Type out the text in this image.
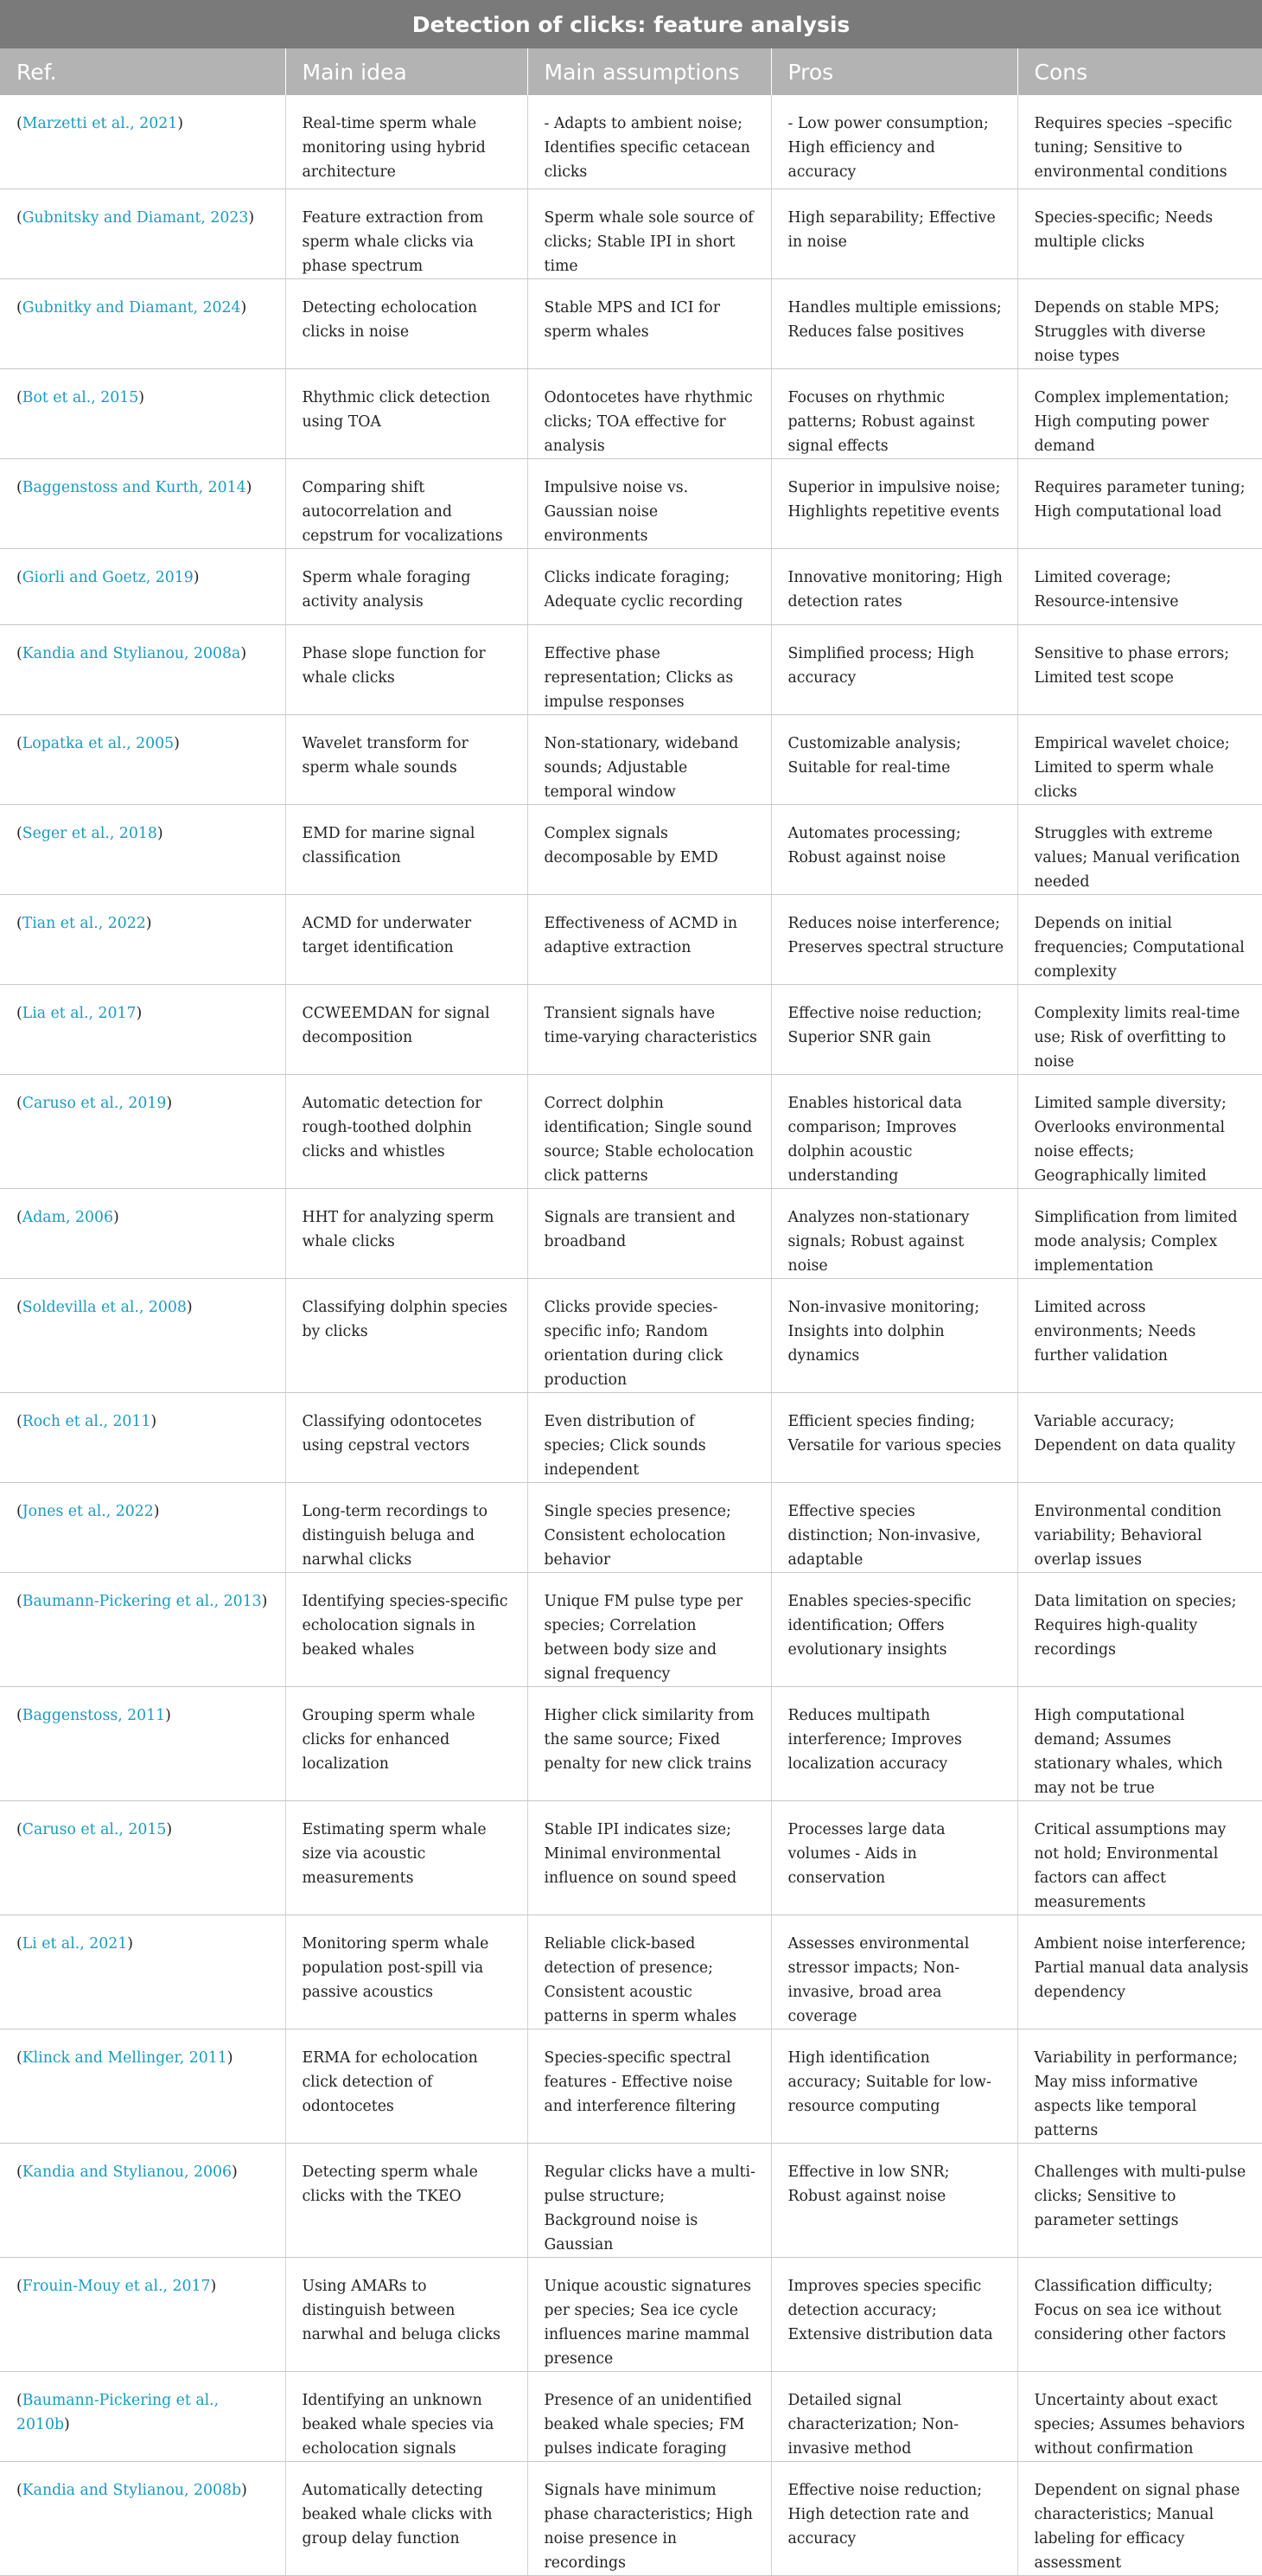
Detection of clicks: feature analysis				
Ref.	Main idea	Main assumptions	Pros	Cons
(Marzetti et al., 2021)	Real-time sperm whale monitoring using hybrid architecture	- Adapts to ambient noise; Identifies specific cetacean clicks	- Low power consumption; High efficiency and accuracy	Requires species –specific tuning; Sensitive to environmental conditions
(Gubnitsky and Diamant, 2023)	Feature extraction from sperm whale clicks via phase spectrum	Sperm whale sole source of clicks; Stable IPI in short time	High separability; Effective in noise	Species-specific; Needs multiple clicks
(Gubnitky and Diamant, 2024)	Detecting echolocation clicks in noise	Stable MPS and ICI for sperm whales	Handles multiple emissions; Reduces false positives	Depends on stable MPS; Struggles with diverse noise types
(Bot et al., 2015)	Rhythmic click detection using TOA	Odontocetes have rhythmic clicks; TOA effective for analysis	Focuses on rhythmic patterns; Robust against signal effects	Complex implementation; High computing power demand
(Baggenstoss and Kurth, 2014)	Comparing shift autocorrelation and cepstrum for vocalizations	Impulsive noise vs. Gaussian noise environments	Superior in impulsive noise; Highlights repetitive events	Requires parameter tuning; High computational load
(Giorli and Goetz, 2019)	Sperm whale foraging activity analysis	Clicks indicate foraging; Adequate cyclic recording	Innovative monitoring; High detection rates	Limited coverage; Resource-intensive
(Kandia and Stylianou, 2008a)	Phase slope function for whale clicks	Effective phase representation; Clicks as impulse responses	Simplified process; High accuracy	Sensitive to phase errors; Limited test scope
(Lopatka et al., 2005)	Wavelet transform for sperm whale sounds	Non-stationary, wideband sounds; Adjustable temporal window	Customizable analysis; Suitable for real-time	Empirical wavelet choice; Limited to sperm whale clicks
(Seger et al., 2018)	EMD for marine signal classification	Complex signals decomposable by EMD	Automates processing; Robust against noise	Struggles with extreme values; Manual verification needed
(Tian et al., 2022)	ACMD for underwater target identification	Effectiveness of ACMD in adaptive extraction	Reduces noise interference; Preserves spectral structure	Depends on initial frequencies; Computational complexity
(Lia et al., 2017)	CCWEEMDAN for signal decomposition	Transient signals have time-varying characteristics	Effective noise reduction; Superior SNR gain	Complexity limits real-time use; Risk of overfitting to noise
(Caruso et al., 2019)	Automatic detection for rough-toothed dolphin clicks and whistles	Correct dolphin identification; Single sound source; Stable echolocation click patterns	Enables historical data comparison; Improves dolphin acoustic understanding	Limited sample diversity; Overlooks environmental noise effects; Geographically limited
(Adam, 2006)	HHT for analyzing sperm whale clicks	Signals are transient and broadband	Analyzes non-stationary signals; Robust against noise	Simplification from limited mode analysis; Complex implementation
(Soldevilla et al., 2008)	Classifying dolphin species by clicks	Clicks provide species-specific info; Random orientation during click production	Non-invasive monitoring; Insights into dolphin dynamics	Limited across environments; Needs further validation
(Roch et al., 2011)	Classifying odontocetes using cepstral vectors	Even distribution of species; Click sounds independent	Efficient species finding; Versatile for various species	Variable accuracy; Dependent on data quality
(Jones et al., 2022)	Long-term recordings to distinguish beluga and narwhal clicks	Single species presence; Consistent echolocation behavior	Effective species distinction; Non-invasive, adaptable	Environmental condition variability; Behavioral overlap issues
(Baumann-Pickering et al., 2013)	Identifying species-specific echolocation signals in beaked whales	Unique FM pulse type per species; Correlation between body size and signal frequency	Enables species-specific identification; Offers evolutionary insights	Data limitation on species; Requires high-quality recordings
(Baggenstoss, 2011)	Grouping sperm whale clicks for enhanced localization	Higher click similarity from the same source; Fixed penalty for new click trains	Reduces multipath interference; Improves localization accuracy	High computational demand; Assumes stationary whales, which may not be true
(Caruso et al., 2015)	Estimating sperm whale size via acoustic measurements	Stable IPI indicates size; Minimal environmental influence on sound speed	Processes large data volumes - Aids in conservation	Critical assumptions may not hold; Environmental factors can affect measurements
(Li et al., 2021)	Monitoring sperm whale population post-spill via passive acoustics	Reliable click-based detection of presence; Consistent acoustic patterns in sperm whales	Assesses environmental stressor impacts; Non-invasive, broad area coverage	Ambient noise interference; Partial manual data analysis dependency
(Klinck and Mellinger, 2011)	ERMA for echolocation click detection of odontocetes	Species-specific spectral features - Effective noise and interference filtering	High identification accuracy; Suitable for low-resource computing	Variability in performance; May miss informative aspects like temporal patterns
(Kandia and Stylianou, 2006)	Detecting sperm whale clicks with the TKEO	Regular clicks have a multi-pulse structure; Background noise is Gaussian	Effective in low SNR; Robust against noise	Challenges with multi-pulse clicks; Sensitive to parameter settings
(Frouin-Mouy et al., 2017)	Using AMARs to distinguish between narwhal and beluga clicks	Unique acoustic signatures per species; Sea ice cycle influences marine mammal presence	Improves species specific detection accuracy; Extensive distribution data	Classification difficulty; Focus on sea ice without considering other factors
(Baumann-Pickering et al., 2010b)	Identifying an unknown beaked whale species via echolocation signals	Presence of an unidentified beaked whale species; FM pulses indicate foraging	Detailed signal characterization; Non-invasive method	Uncertainty about exact species; Assumes behaviors without confirmation
(Kandia and Stylianou, 2008b)	Automatically detecting beaked whale clicks with group delay function	Signals have minimum phase characteristics; High noise presence in recordings	Effective noise reduction; High detection rate and accuracy	Dependent on signal phase characteristics; Manual labeling for efficacy assessment
